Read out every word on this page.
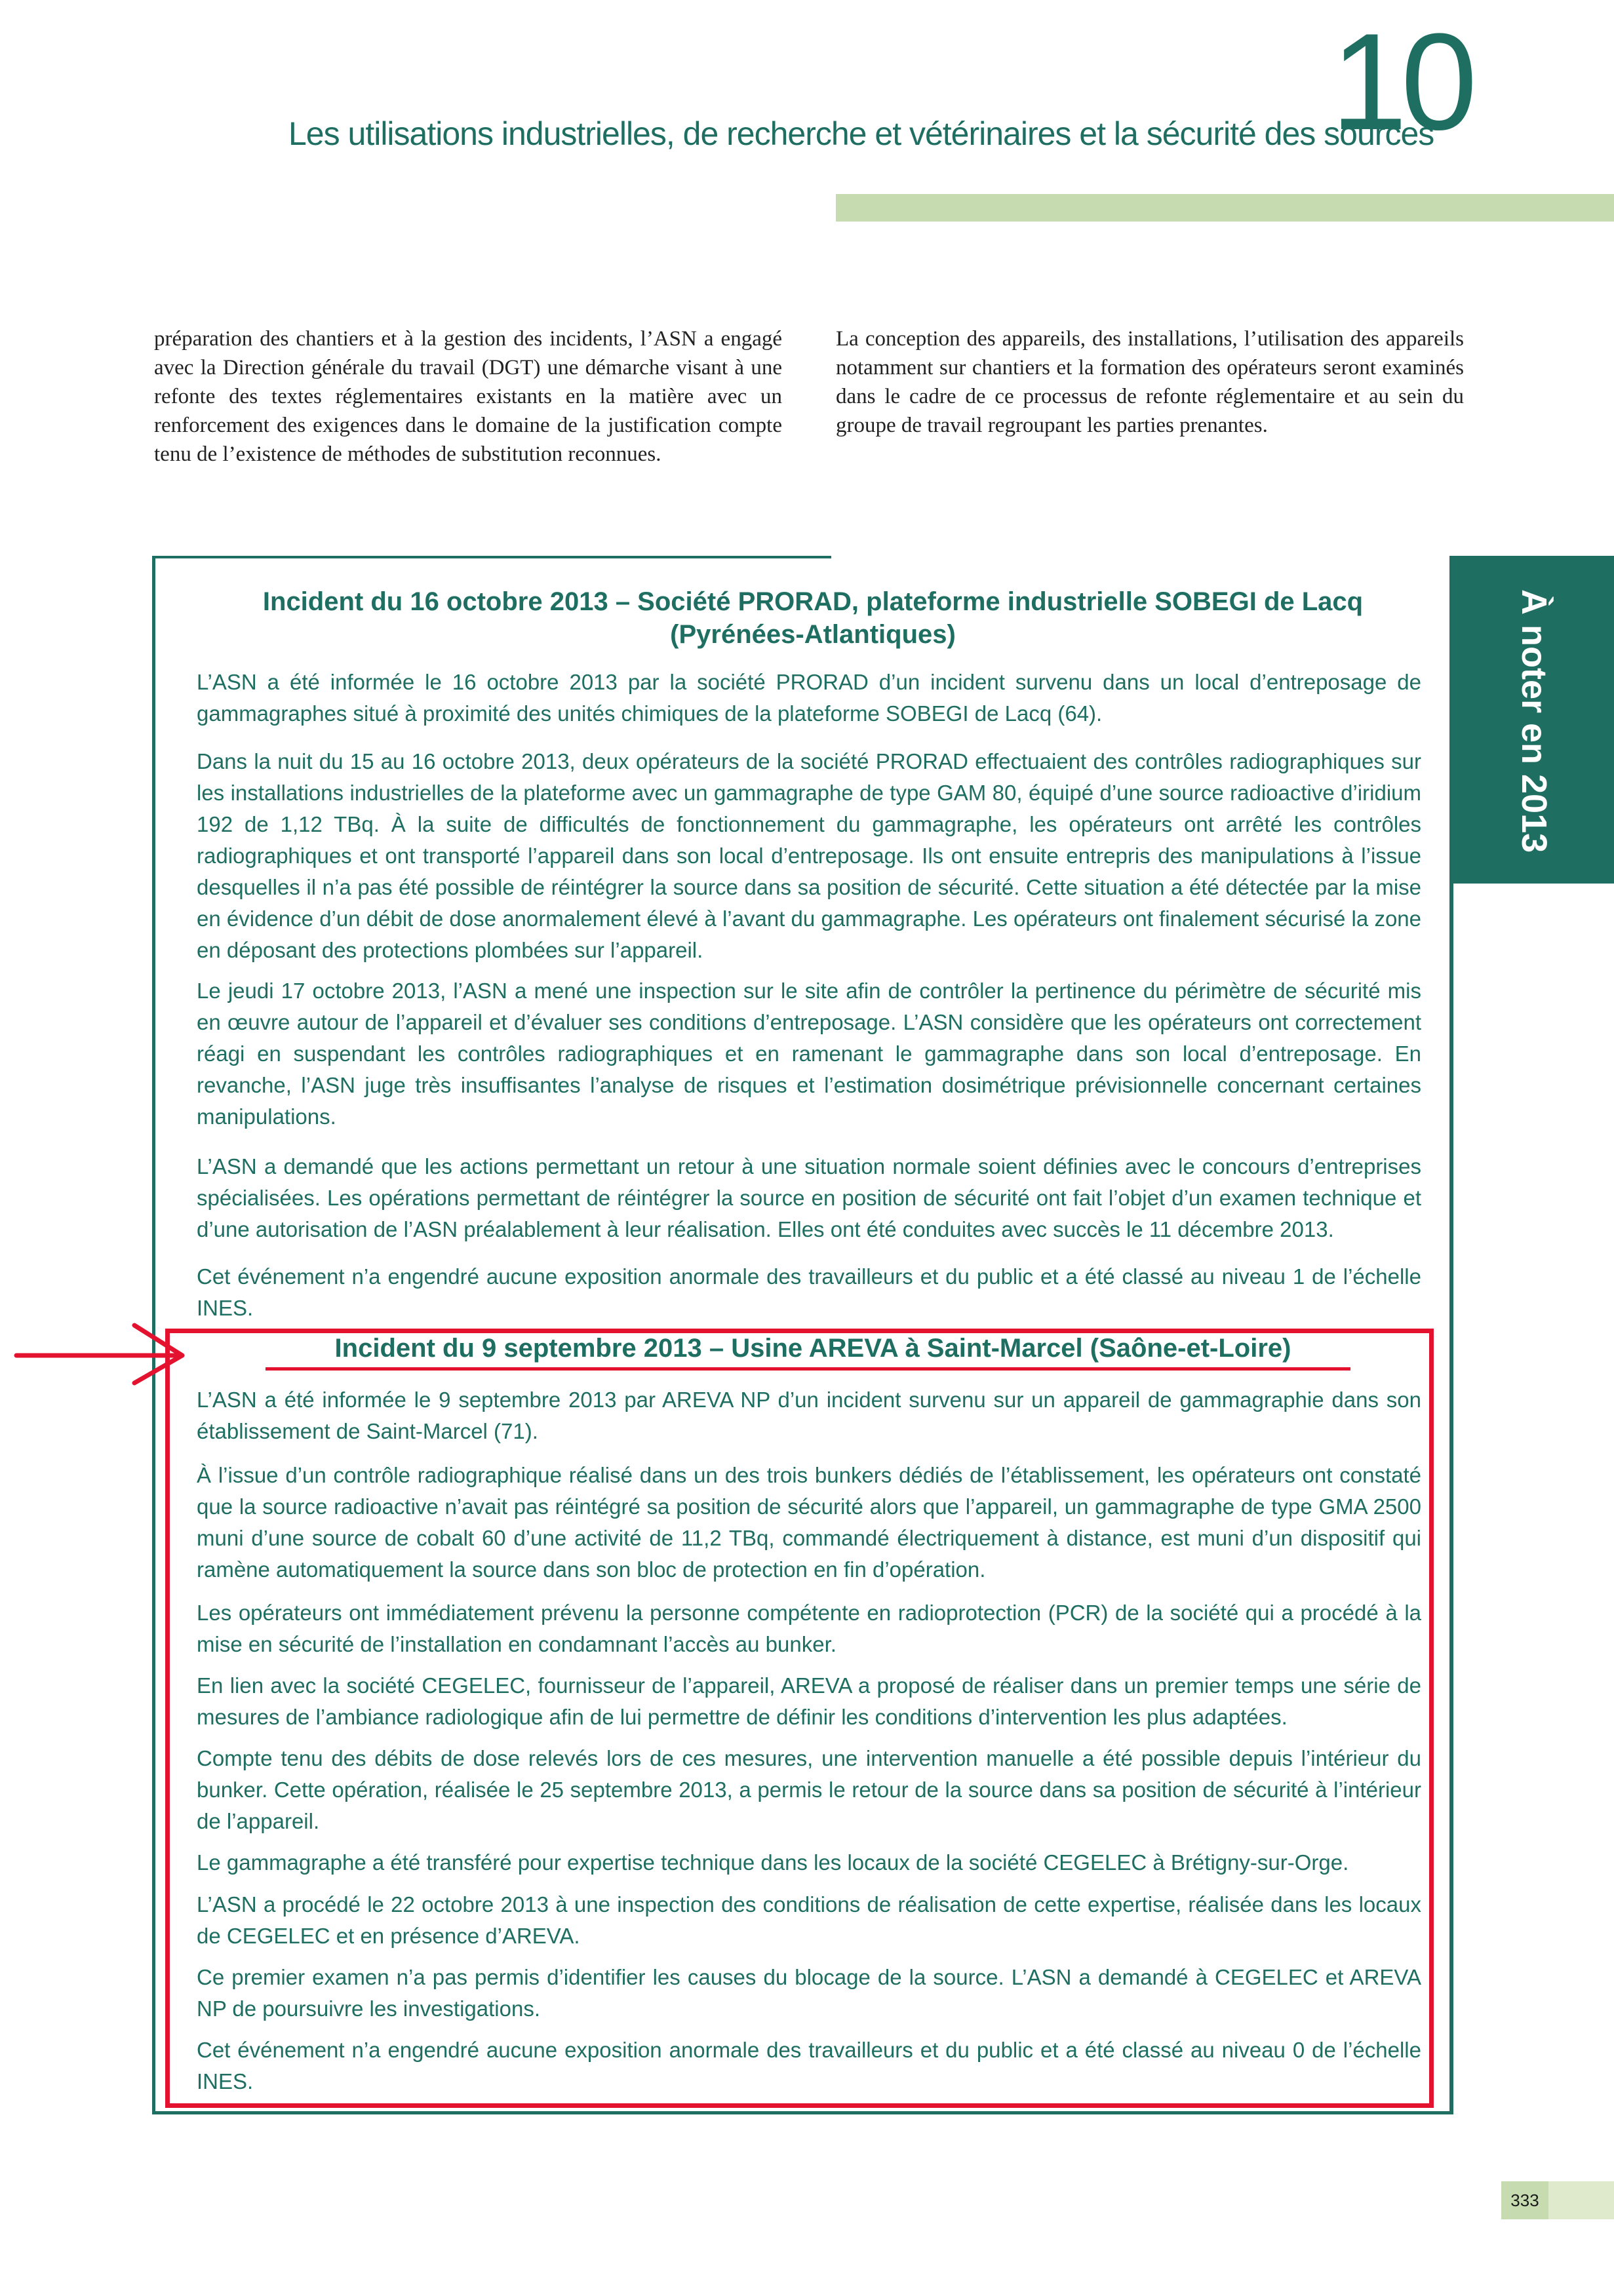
Les utilisations industrielles, de recherche et vétérinaires et la sécurité des sources
10
préparation des chantiers et à la gestion des incidents, l’ASN a engagé avec la Direction générale du travail (DGT) une démarche visant à une refonte des textes réglementaires existants en la matière avec un renforcement des exigences dans le domaine de la justification compte tenu de l’existence de méthodes de substitution reconnues.
La conception des appareils, des installations, l’utilisation des appareils notamment sur chantiers et la formation des opérateurs seront examinés dans le cadre de ce processus de refonte réglementaire et au sein du groupe de travail regroupant les parties prenantes.
À noter en 2013
Incident du 16 octobre 2013 – Société PRORAD, plateforme industrielle SOBEGI de Lacq (Pyrénées-Atlantiques)
L’ASN a été informée le 16 octobre 2013 par la société PRORAD d’un incident survenu dans un local d’entreposage de gammagraphes situé à proximité des unités chimiques de la plateforme SOBEGI de Lacq (64).
Dans la nuit du 15 au 16 octobre 2013, deux opérateurs de la société PRORAD effectuaient des contrôles radiographiques sur les installations industrielles de la plateforme avec un gammagraphe de type GAM 80, équipé d’une source radioactive d’iridium 192 de 1,12 TBq. À la suite de difficultés de fonctionnement du gammagraphe, les opérateurs ont arrêté les contrôles radiographiques et ont transporté l’appareil dans son local d’entreposage. Ils ont ensuite entrepris des manipulations à l’issue desquelles il n’a pas été possible de réintégrer la source dans sa position de sécurité. Cette situation a été détectée par la mise en évidence d’un débit de dose anormalement élevé à l’avant du gammagraphe. Les opérateurs ont finalement sécurisé la zone en déposant des protections plombées sur l’appareil.
Le jeudi 17 octobre 2013, l’ASN a mené une inspection sur le site afin de contrôler la pertinence du périmètre de sécurité mis en œuvre autour de l’appareil et d’évaluer ses conditions d’entreposage. L’ASN considère que les opérateurs ont correctement réagi en suspendant les contrôles radiographiques et en ramenant le gammagraphe dans son local d’entreposage. En revanche, l’ASN juge très insuffisantes l’analyse de risques et l’estimation dosimétrique prévisionnelle concernant certaines manipulations.
L’ASN a demandé que les actions permettant un retour à une situation normale soient définies avec le concours d’entreprises spécialisées. Les opérations permettant de réintégrer la source en position de sécurité ont fait l’objet d’un examen technique et d’une autorisation de l’ASN préalablement à leur réalisation. Elles ont été conduites avec succès le 11 décembre 2013.
Cet événement n’a engendré aucune exposition anormale des travailleurs et du public et a été classé au niveau 1 de l’échelle INES.
Incident du 9 septembre 2013 – Usine AREVA à Saint-Marcel (Saône-et-Loire)
L’ASN a été informée le 9 septembre 2013 par AREVA NP d’un incident survenu sur un appareil de gammagraphie dans son établissement de Saint-Marcel (71).
À l’issue d’un contrôle radiographique réalisé dans un des trois bunkers dédiés de l’établissement, les opérateurs ont constaté que la source radioactive n’avait pas réintégré sa position de sécurité alors que l’appareil, un gammagraphe de type GMA 2500 muni d’une source de cobalt 60 d’une activité de 11,2 TBq, commandé électriquement à distance, est muni d’un dispositif qui ramène automatiquement la source dans son bloc de protection en fin d’opération.
Les opérateurs ont immédiatement prévenu la personne compétente en radioprotection (PCR) de la société qui a procédé à la mise en sécurité de l’installation en condamnant l’accès au bunker.
En lien avec la société CEGELEC, fournisseur de l’appareil, AREVA a proposé de réaliser dans un premier temps une série de mesures de l’ambiance radiologique afin de lui permettre de définir les conditions d’intervention les plus adaptées.
Compte tenu des débits de dose relevés lors de ces mesures, une intervention manuelle a été possible depuis l’intérieur du bunker. Cette opération, réalisée le 25 septembre 2013, a permis le retour de la source dans sa position de sécurité à l’intérieur de l’appareil.
Le gammagraphe a été transféré pour expertise technique dans les locaux de la société CEGELEC à Brétigny-sur-Orge.
L’ASN a procédé le 22 octobre 2013 à une inspection des conditions de réalisation de cette expertise, réalisée dans les locaux de CEGELEC et en présence d’AREVA.
Ce premier examen n’a pas permis d’identifier les causes du blocage de la source. L’ASN a demandé à CEGELEC et AREVA NP de poursuivre les investigations.
Cet événement n’a engendré aucune exposition anormale des travailleurs et du public et a été classé au niveau 0 de l’échelle INES.
333
